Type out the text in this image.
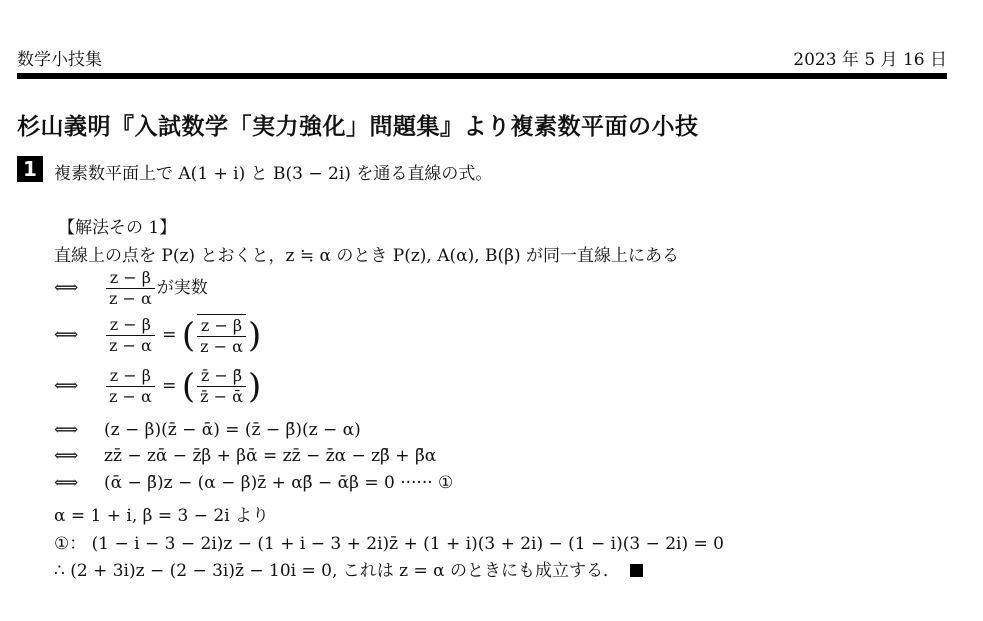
数学小技集	2023 年 5 月 16 日
杉山義明『入試数学「実力強化」問題集』より複素数平面の小技
1	複素数平面上で A(1 + i) と B(3 − 2i) を通る直線の式。
【解法その 1】
直線上の点を P(z) とおくと，z ≒ α のとき P(z), A(α), B(β) が同一直線上にある
⟺ $\frac{z - \beta}{z - \alpha}$ が実数
⟺ $\frac{z - \beta}{z - \alpha}$ = ( $\frac{z - \beta}{z - \alpha}$ )
⟺ $\frac{z - \beta}{z - \alpha}$ = ( $\frac{z̄ - \betā}{\text{z̄ − ᾱ}}$ )
⟺ (z − β)(z̄ − ᾱ) = (z̄ − β̄)(z − α)
⟺ zz̄ − zᾱ − z̄β + βᾱ = zz̄ − z̄α − zβ̄ + β̄α
⟺ (ᾱ − β̄)z − (α − β)z̄ + αβ̄ − ᾱβ = 0 ······ ①
α = 1 + i, β = 3 − 2i より
①： (1 − i − 3 − 2i)z − (1 + i − 3 + 2i)z̄ + (1 + i)(3 + 2i) − (1 − i)(3 − 2i) = 0
∴ (2 + 3i)z − (2 − 3i)z̄ − 10i = 0, これは z = α のときにも成立する．
